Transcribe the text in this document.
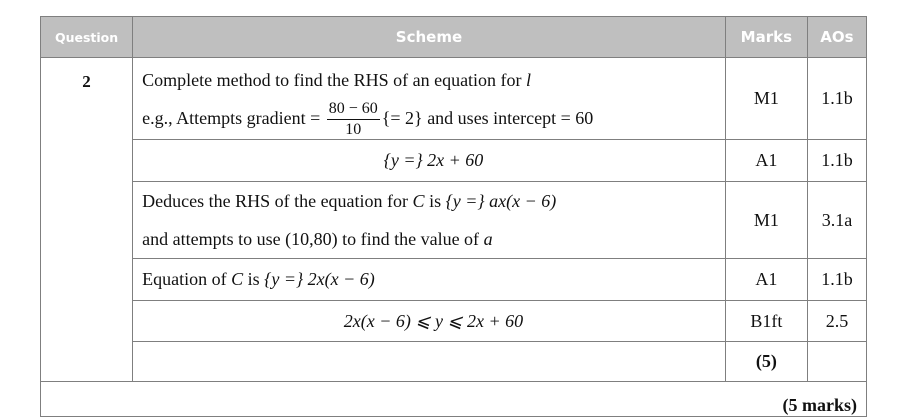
Question	Scheme	Marks	AOs
2	Complete method to find the RHS of an equation for l
e.g., Attempts gradient = $\frac{80 - 60}{10}$ {= 2} and uses intercept = 60	M1	1.1b
	{y =} 2x + 60	A1	1.1b

	Deduces the RHS of the equation for C is {y =} ax(x − 6)
and attempts to use (10,80) to find the value of a	M1	3.1a
	Equation of C is {y =} 2x(x − 6)	A1	1.1b
	2x(x − 6) ⩽ y ⩽ 2x + 60	B1ft	2.5
		(5)	
(5 marks)			
